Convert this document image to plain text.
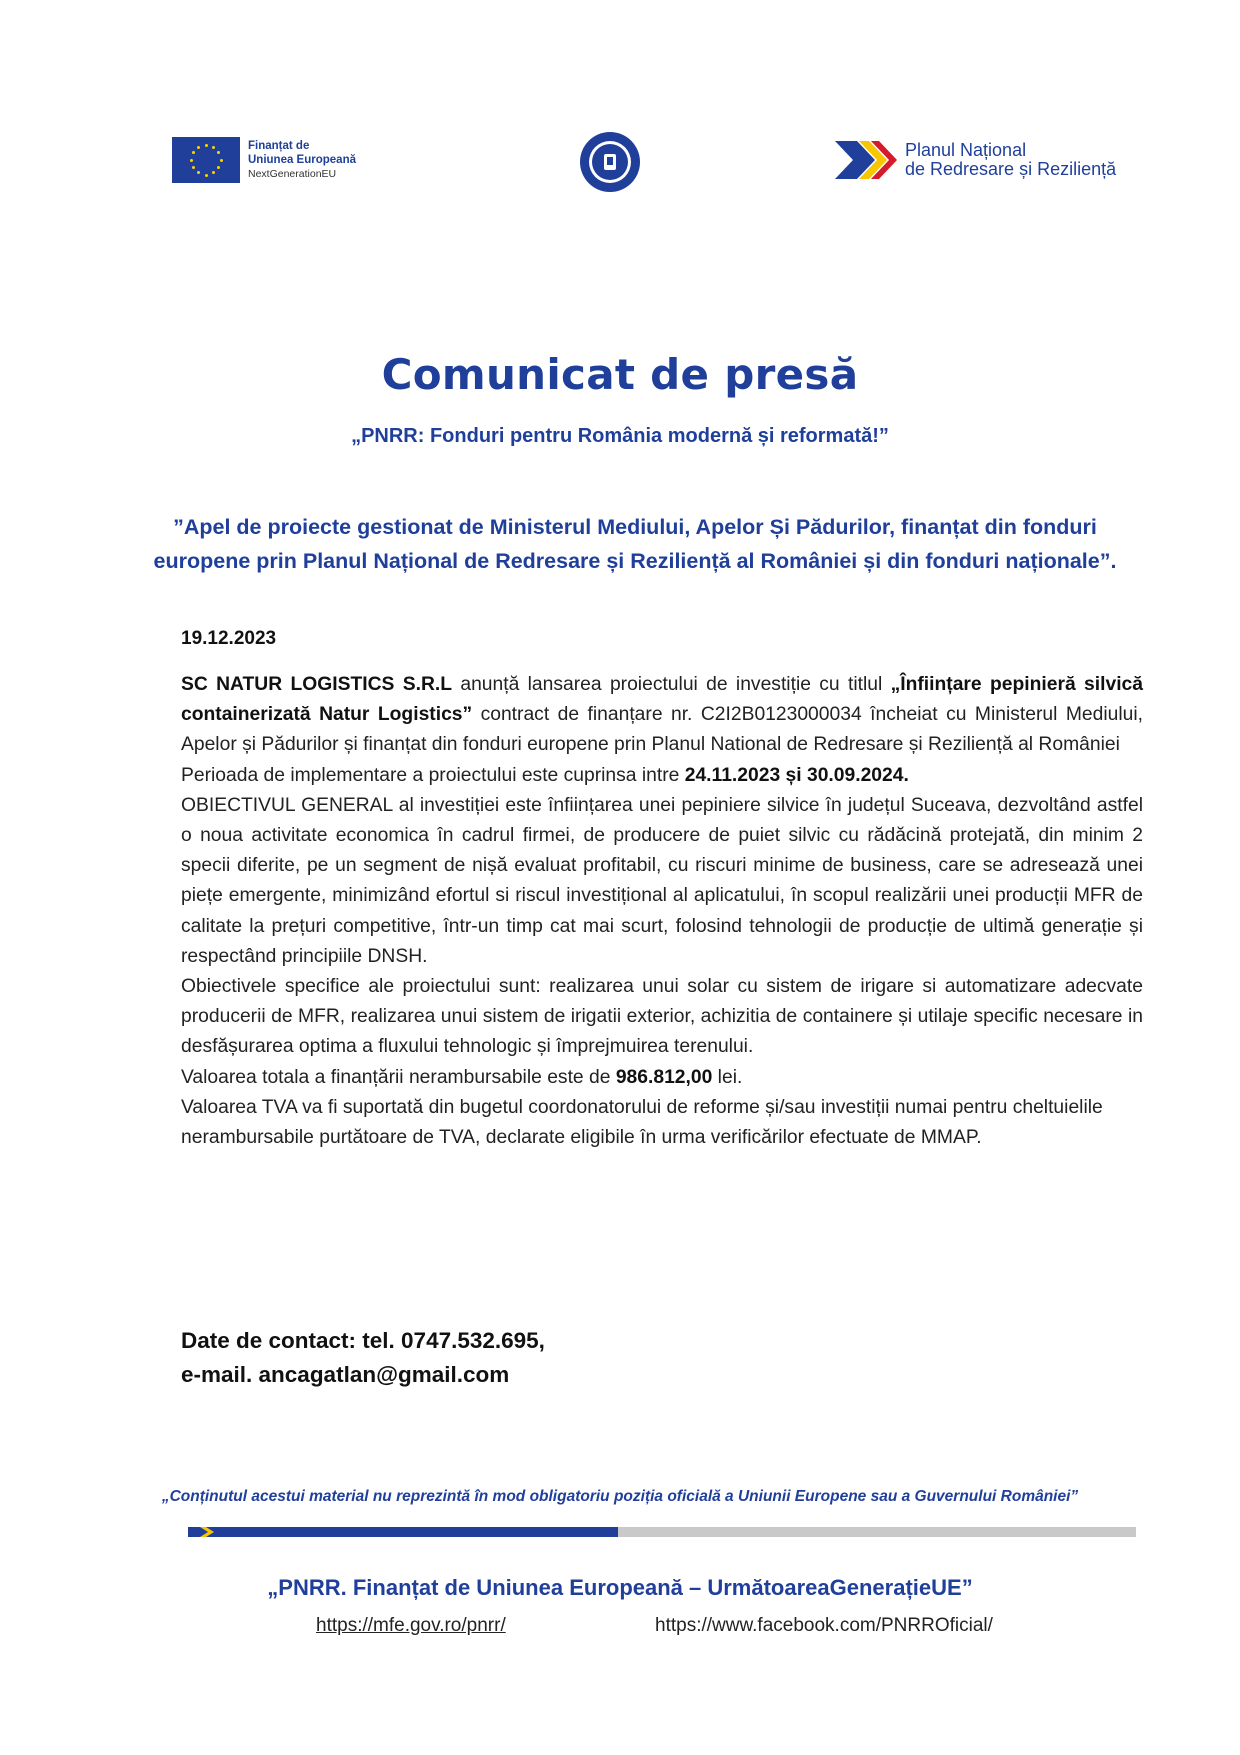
Finanțat de
Uniunea Europeană
NextGenerationEU
Planul Național
de Redresare și Reziliență
Comunicat de presă
„PNRR: Fonduri pentru România modernă și reformată!”
”Apel de proiecte gestionat de Ministerul Mediului, Apelor Și Pădurilor, finanțat din fonduri europene prin Planul Național de Redresare și Reziliență al României și din fonduri naționale”.
19.12.2023

SC NATUR LOGISTICS S.R.L anunță lansarea proiectului de investiție cu titlul „Înființare pepinieră silvică containerizată Natur Logistics” contract de finanțare nr. C2I2B0123000034 încheiat cu Ministerul Mediului, Apelor și Pădurilor și finanțat din fonduri europene prin Planul National de Redresare și Reziliență al României

Perioada de implementare a proiectului este cuprinsa intre 24.11.2023 și 30.09.2024.

OBIECTIVUL GENERAL al investiției este înființarea unei pepiniere silvice în județul Suceava, dezvoltând astfel o noua activitate economica în cadrul firmei, de producere de puiet silvic cu rădăcină protejată, din minim 2 specii diferite, pe un segment de nișă evaluat profitabil, cu riscuri minime de business, care se adresează unei piețe emergente, minimizând efortul si riscul investițional al aplicatului, în scopul realizării unei producții MFR de calitate la prețuri competitive, într-un timp cat mai scurt, folosind tehnologii de producție de ultimă generație și respectând principiile DNSH.

Obiectivele specifice ale proiectului sunt: realizarea unui solar cu sistem de irigare si automatizare adecvate producerii de MFR, realizarea unui sistem de irigatii exterior, achizitia de containere și utilaje specific necesare in desfășurarea optima a fluxului tehnologic și împrejmuirea terenului.

Valoarea totala a finanțării nerambursabile este de 986.812,00 lei.

Valoarea TVA va fi suportată din bugetul coordonatorului de reforme și/sau investiții numai pentru cheltuielile nerambursabile purtătoare de TVA, declarate eligibile în urma verificărilor efectuate de MMAP.

Date de contact: tel. 0747.532.695,
e-mail. ancagatlan@gmail.com
„Conținutul acestui material nu reprezintă în mod obligatoriu poziția oficială a Uniunii Europene sau a Guvernului României”
„PNRR. Finanțat de Uniunea Europeană – UrmătoareaGenerațieUE”
https://mfe.gov.ro/pnrr/	https://www.facebook.com/PNRROficial/
